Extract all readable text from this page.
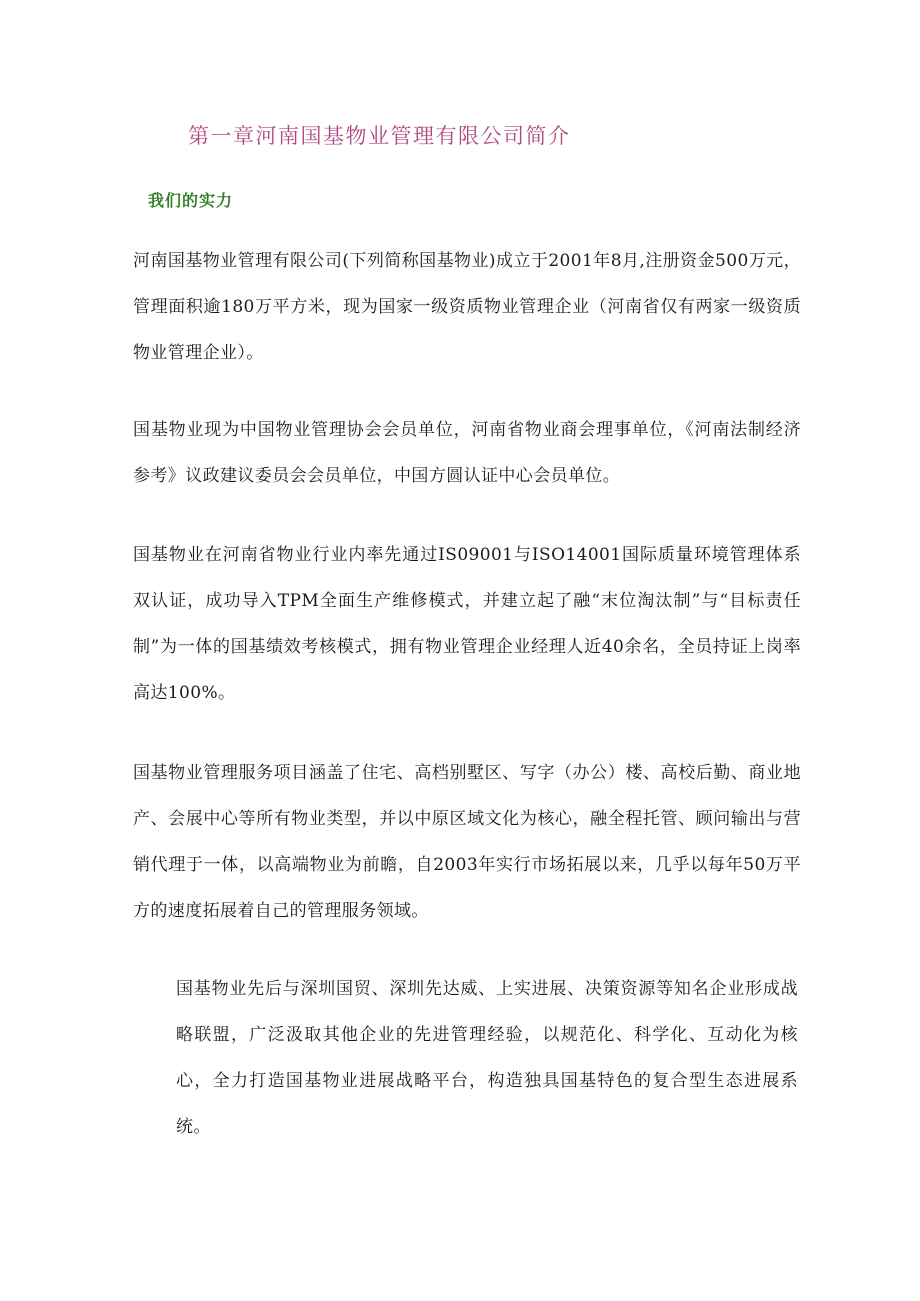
第一章河南国基物业管理有限公司简介
我们的实力

河南国基物业管理有限公司(下列简称国基物业)成立于2001年8月,注册资金500万元，管理面积逾180万平方米，现为国家一级资质物业管理企业（河南省仅有两家一级资质物业管理企业）。

国基物业现为中国物业管理协会会员单位，河南省物业商会理事单位，《河南法制经济参考》议政建议委员会会员单位，中国方圆认证中心会员单位。

国基物业在河南省物业行业内率先通过IS09001与ISO14001国际质量环境管理体系双认证，成功导入TPM全面生产维修模式，并建立起了融“末位淘汰制”与“目标责任制”为一体的国基绩效考核模式，拥有物业管理企业经理人近40余名，全员持证上岗率高达100%。

国基物业管理服务项目涵盖了住宅、高档别墅区、写字（办公）楼、高校后勤、商业地产、会展中心等所有物业类型，并以中原区域文化为核心，融全程托管、顾问输出与营销代理于一体，以高端物业为前瞻，自2003年实行市场拓展以来，几乎以每年50万平方的速度拓展着自己的管理服务领域。

国基物业先后与深圳国贸、深圳先达威、上实进展、决策资源等知名企业形成战略联盟，广泛汲取其他企业的先进管理经验，以规范化、科学化、互动化为核心，全力打造国基物业进展战略平台，构造独具国基特色的复合型生态进展系统。
